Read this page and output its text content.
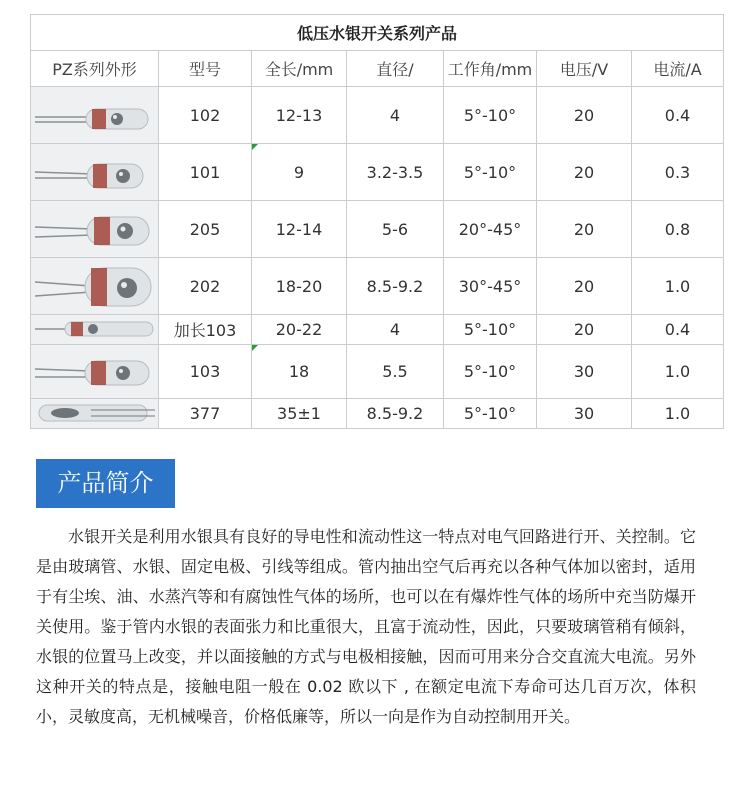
低压水银开关系列产品						
PZ系列外形	型号	全长/mm	直径/	工作角/mm	电压/V	电流/A

	102	12-13	4	5°-10°	20	0.4

	101	9	3.2-3.5	5°-10°	20	0.3

	205	12-14	5-6	20°-45°	20	0.8

	202	18-20	8.5-9.2	30°-45°	20	1.0

	加长103	20-22	4	5°-10°	20	0.4

	103	18	5.5	5°-10°	30	1.0

	377	35±1	8.5-9.2	5°-10°	30	1.0
产品简介

水银开关是利用水银具有良好的导电性和流动性这一特点对电气回路进行开、关控制。它是由玻璃管、水银、固定电极、引线等组成。管内抽出空气后再充以各种气体加以密封，适用于有尘埃、油、水蒸汽等和有腐蚀性气体的场所，也可以在有爆炸性气体的场所中充当防爆开关使用。鉴于管内水银的表面张力和比重很大，且富于流动性，因此，只要玻璃管稍有倾斜，水银的位置马上改变，并以面接触的方式与电极相接触，因而可用来分合交直流大电流。另外这种开关的特点是，接触电阻一般在 0.02 欧以下 , 在额定电流下寿命可达几百万次，体积小，灵敏度高，无机械噪音，价格低廉等，所以一向是作为自动控制用开关。
